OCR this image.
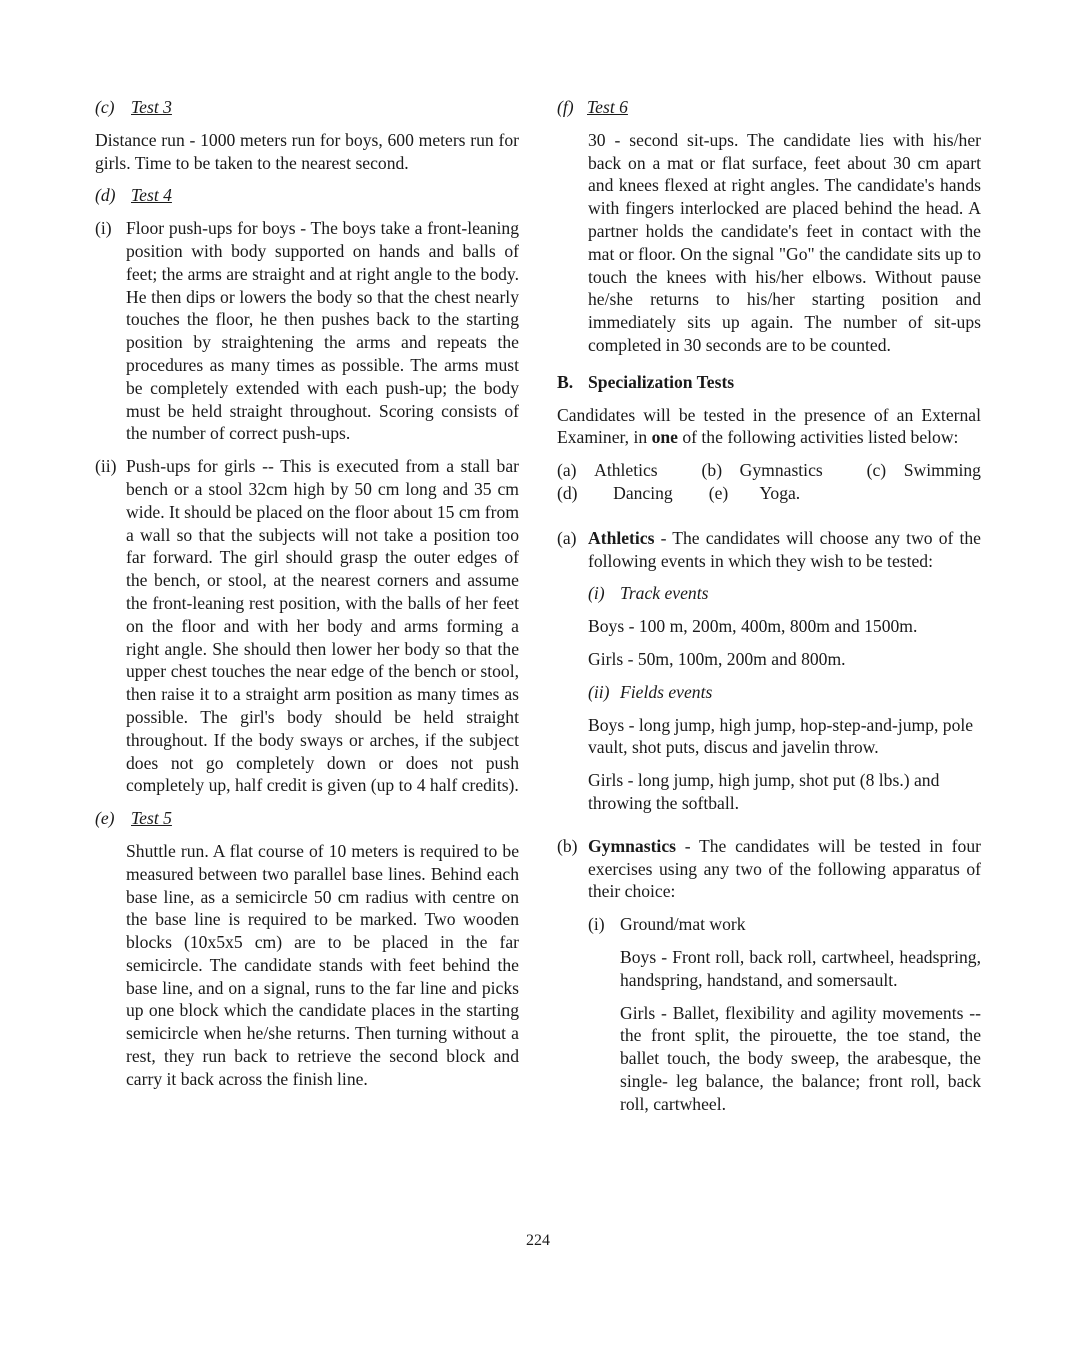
(c) Test 3

Distance run - 1000 meters run for boys, 600 meters run for girls. Time to be taken to the nearest second.

(d) Test 4

(i) Floor push-ups for boys - The boys take a front-leaning position with body supported on hands and balls of feet; the arms are straight and at right angle to the body. He then dips or lowers the body so that the chest nearly touches the floor, he then pushes back to the starting position by straightening the arms and repeats the procedures as many times as possible. The arms must be completely extended with each push-up; the body must be held straight throughout. Scoring consists of the number of correct push-ups.
(ii) Push-ups for girls -- This is executed from a stall bar bench or a stool 32cm high by 50 cm long and 35 cm wide. It should be placed on the floor about 15 cm from a wall so that the subjects will not take a position too far forward. The girl should grasp the outer edges of the bench, or stool, at the nearest corners and assume the front-leaning rest position, with the balls of her feet on the floor and with her body and arms forming a right angle. She should then lower her body so that the upper chest touches the near edge of the bench or stool, then raise it to a straight arm position as many times as possible. The girl's body should be held straight throughout. If the body sways or arches, if the subject does not go completely down or does not push completely up, half credit is given (up to 4 half credits).

(e) Test 5

Shuttle run. A flat course of 10 meters is required to be measured between two parallel base lines. Behind each base line, as a semicircle 50 cm radius with centre on the base line is required to be marked. Two wooden blocks (10x5x5 cm) are to be placed in the far semicircle. The candidate stands with feet behind the base line, and on a signal, runs to the far line and picks up one block which the candidate places in the starting semicircle when he/she returns. Then turning without a rest, they run back to retrieve the second block and carry it back across the finish line.

(f) Test 6

30 - second sit-ups. The candidate lies with his/her back on a mat or flat surface, feet about 30 cm apart and knees flexed at right angles. The candidate's hands with fingers interlocked are placed behind the head. A partner holds the candidate's feet in contact with the mat or floor. On the signal "Go" the candidate sits up to touch the knees with his/her elbows. Without pause he/she returns to his/her starting position and immediately sits up again. The number of sit-ups completed in 30 seconds are to be counted.

B. Specialization Tests

Candidates will be tested in the presence of an External Examiner, in one of the following activities listed below:

(a) Athletics (b) Gymnastics (c) Swimming
(d) Dancing	(e) Yoga.
(a) Athletics - The candidates will choose any two of the following events in which they wish to be tested:

(i) Track events

Boys - 100 m, 200m, 400m, 800m and 1500m.

Girls - 50m, 100m, 200m and 800m.

(ii) Fields events

Boys - long jump, high jump, hop-step-and-jump, pole vault, shot puts, discus and javelin throw.

Girls - long jump, high jump, shot put (8 lbs.) and throwing the softball.

(b) Gymnastics - The candidates will be tested in four exercises using any two of the following apparatus of their choice:

(i) Ground/mat work

Boys - Front roll, back roll, cartwheel, headspring, handspring, handstand, and somersault.

Girls - Ballet, flexibility and agility movements -- the front split, the pirouette, the toe stand, the ballet touch, the body sweep, the arabesque, the single- leg balance, the balance; front roll, back roll, cartwheel.

224
